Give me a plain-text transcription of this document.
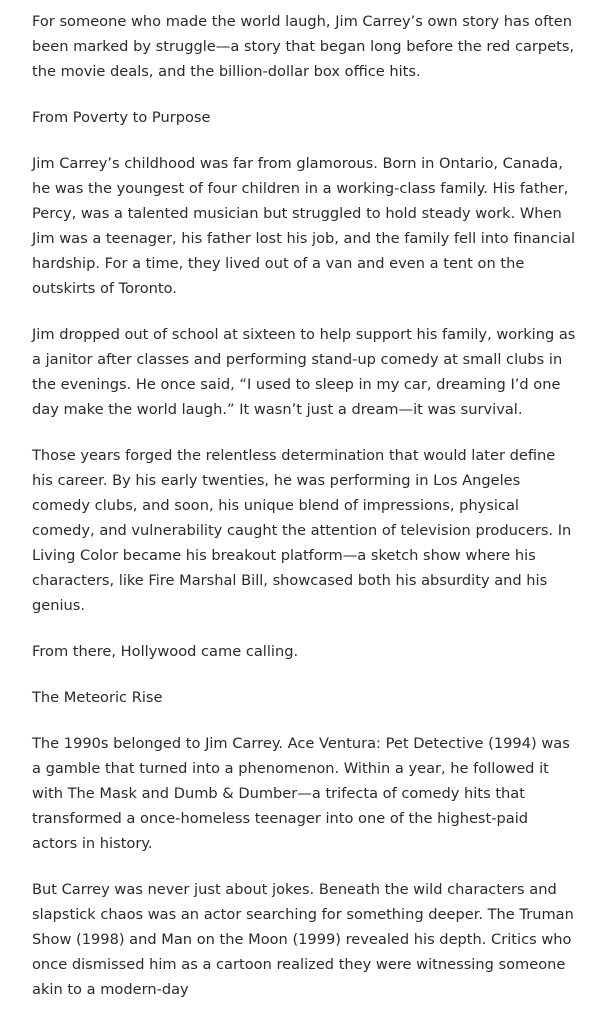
For someone who made the world laugh, Jim Carrey’s own story has often been marked by struggle—a story that began long before the red carpets, the movie deals, and the billion-dollar box office hits.

From Poverty to Purpose

Jim Carrey’s childhood was far from glamorous. Born in Ontario, Canada, he was the youngest of four children in a working-class family. His father, Percy, was a talented musician but struggled to hold steady work. When Jim was a teenager, his father lost his job, and the family fell into financial hardship. For a time, they lived out of a van and even a tent on the outskirts of Toronto.

Jim dropped out of school at sixteen to help support his family, working as a janitor after classes and performing stand-up comedy at small clubs in the evenings. He once said, “I used to sleep in my car, dreaming I’d one day make the world laugh.” It wasn’t just a dream—it was survival.

Those years forged the relentless determination that would later define his career. By his early twenties, he was performing in Los Angeles comedy clubs, and soon, his unique blend of impressions, physical comedy, and vulnerability caught the attention of television producers. In Living Color became his breakout platform—a sketch show where his characters, like Fire Marshal Bill, showcased both his absurdity and his genius.

From there, Hollywood came calling.

The Meteoric Rise

The 1990s belonged to Jim Carrey. Ace Ventura: Pet Detective (1994) was a gamble that turned into a phenomenon. Within a year, he followed it with The Mask and Dumb & Dumber—a trifecta of comedy hits that transformed a once-homeless teenager into one of the highest-paid actors in history.

But Carrey was never just about jokes. Beneath the wild characters and slapstick chaos was an actor searching for something deeper. The Truman Show (1998) and Man on the Moon (1999) revealed his depth. Critics who once dismissed him as a cartoon realized they were witnessing someone akin to a modern-day
